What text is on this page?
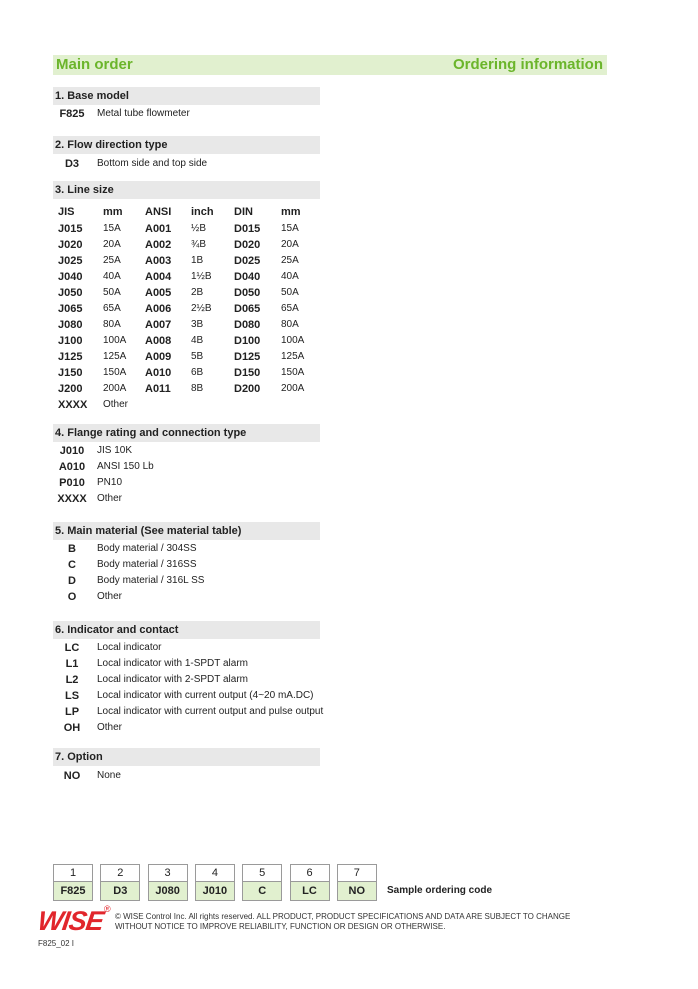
Main order	Ordering information
1. Base model
F825	Metal tube flowmeter
2. Flow direction type
D3	Bottom side and top side
3. Line size
JIS	mm ANSI inch DIN	mm
J015 15A A001 ½B	D015 15A
J020 20A A002 ¾B	D020 20A
J025 25A A003 1B	D025 25A
J040 40A A004 1½B D040 40A
J050 50A A005 2B	D050 50A
J065 65A A006 2½B D065 65A
J080 80A A007 3B	D080 80A
J100 100A A008 4B	D100 100A
J125 125A A009 5B	D125 125A
J150 150A A010 6B	D150 150A
J200 200A A011 8B	D200 200A
XXXX Other
4. Flange rating and connection type
J010	JIS 10K
A010	ANSI 150 Lb
P010	PN10
XXXX Other
5. Main material (See material table)
B	Body material / 304SS
C	Body material / 316SS
D	Body material / 316L SS
O	Other
6. Indicator and contact
LC	Local indicator
L1	Local indicator with 1-SPDT alarm
L2	Local indicator with 2-SPDT alarm
LS	Local indicator with current output (4~20 mA.DC)
LP	Local indicator with current output and pulse output
OH	Other
7. Option
NO	None
1
F825
2
D3
3
J080
4
J010
5
C
6
LC
7
NO	Sample ordering code
WISE
®
© WISE Control Inc. All rights reserved. ALL PRODUCT, PRODUCT SPECIFICATIONS AND DATA ARE SUBJECT TO CHANGE WITHOUT NOTICE TO IMPROVE RELIABILITY, FUNCTION OR DESIGN OR OTHERWISE.
F825_02 I
